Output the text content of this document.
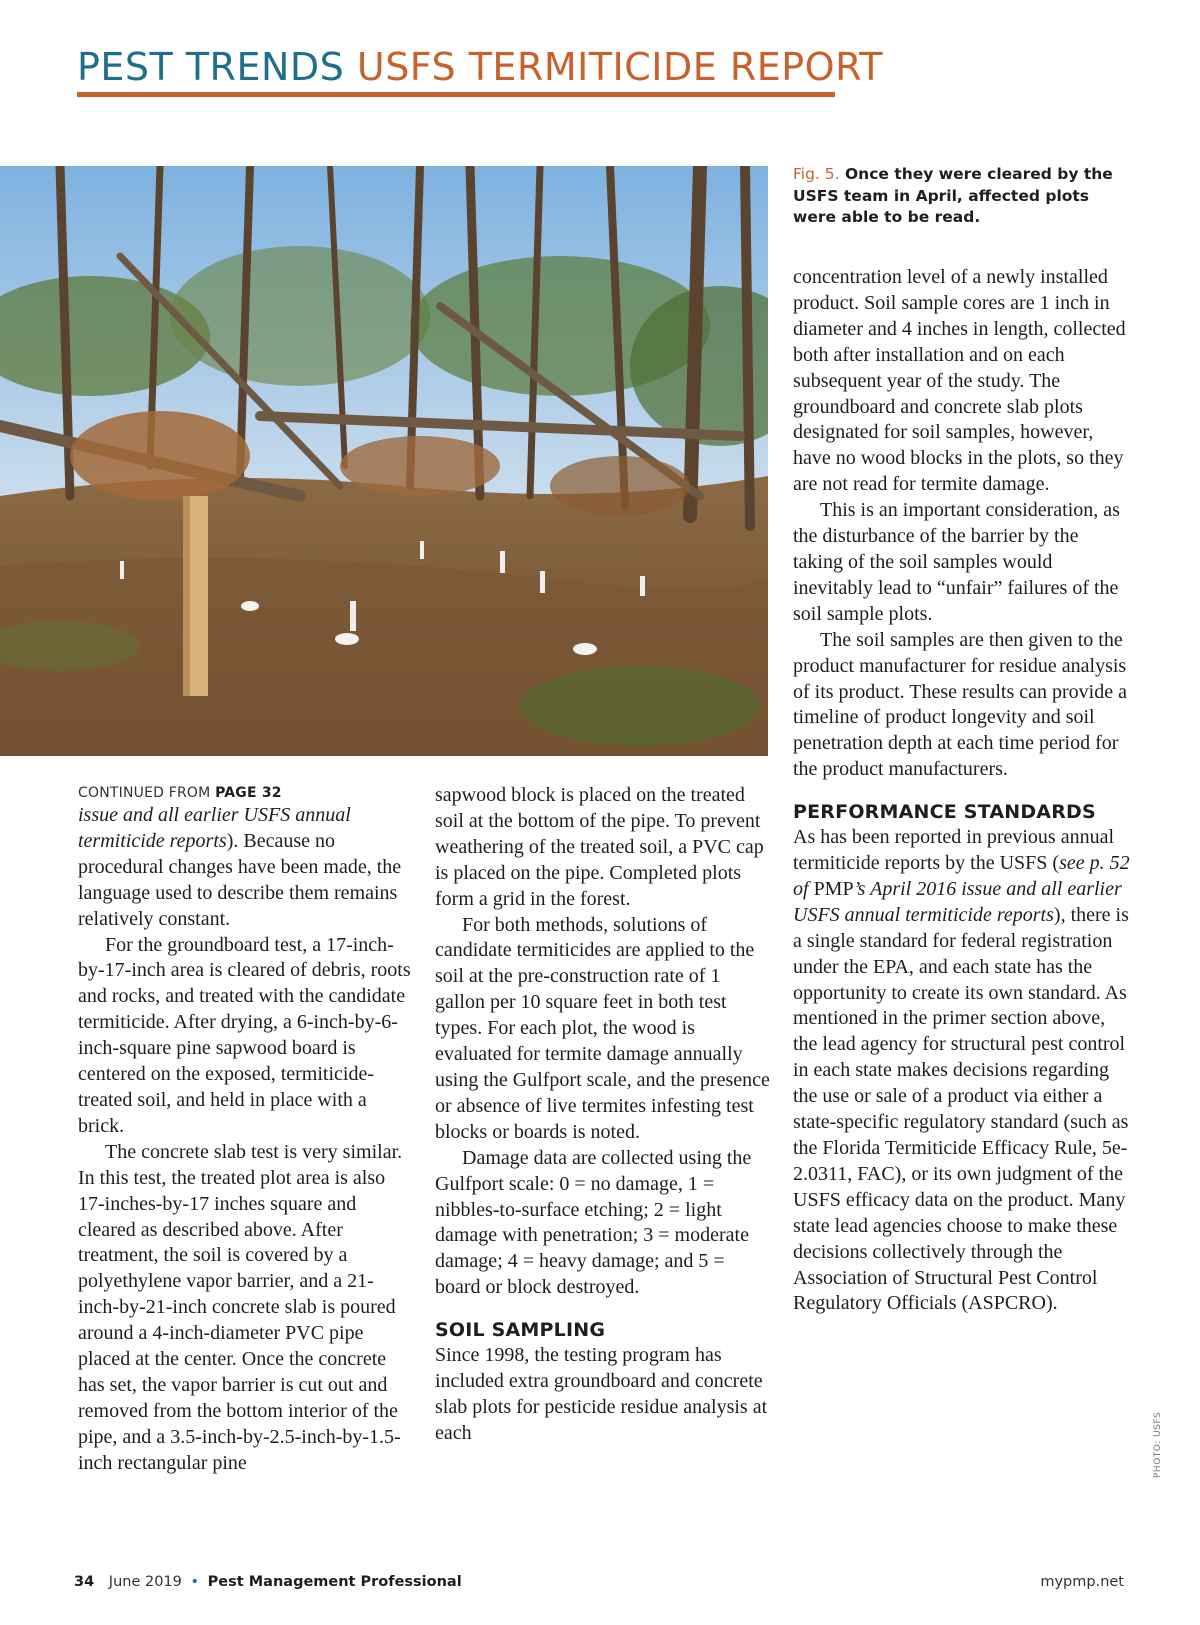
PEST TRENDS USFS TERMITICIDE REPORT
Fig. 5. Once they were cleared by the USFS team in April, affected plots were able to be read.
CONTINUED FROM PAGE 32

issue and all earlier USFS annual termiticide reports). Because no procedural changes have been made, the language used to describe them remains relatively constant.

For the groundboard test, a 17-inch-by-17-inch area is cleared of debris, roots and rocks, and treated with the candidate termiticide. After drying, a 6-inch-by-6-inch-square pine sapwood board is centered on the exposed, termiticide-treated soil, and held in place with a brick.

The concrete slab test is very similar. In this test, the treated plot area is also 17-inches-by-17 inches square and cleared as described above. After treatment, the soil is covered by a polyethylene vapor barrier, and a 21-inch-by-21-inch concrete slab is poured around a 4-inch-diameter PVC pipe placed at the center. Once the concrete has set, the vapor barrier is cut out and removed from the bottom interior of the pipe, and a 3.5-inch-by-2.5-inch-by-1.5-inch rectangular pine

sapwood block is placed on the treated soil at the bottom of the pipe. To prevent weathering of the treated soil, a PVC cap is placed on the pipe. Completed plots form a grid in the forest.

For both methods, solutions of candidate termiticides are applied to the soil at the pre-construction rate of 1 gallon per 10 square feet in both test types. For each plot, the wood is evaluated for termite damage annually using the Gulfport scale, and the presence or absence of live termites infesting test blocks or boards is noted.

Damage data are collected using the Gulfport scale: 0 = no damage, 1 = nibbles-to-surface etching; 2 = light damage with penetration; 3 = moderate damage; 4 = heavy damage; and 5 = board or block destroyed.

SOIL SAMPLING

Since 1998, the testing program has included extra groundboard and concrete slab plots for pesticide residue analysis at each

concentration level of a newly installed product. Soil sample cores are 1 inch in diameter and 4 inches in length, collected both after installation and on each subsequent year of the study. The groundboard and concrete slab plots designated for soil samples, however, have no wood blocks in the plots, so they are not read for termite damage.

This is an important consideration, as the disturbance of the barrier by the taking of the soil samples would inevitably lead to “unfair” failures of the soil sample plots.

The soil samples are then given to the product manufacturer for residue analysis of its product. These results can provide a timeline of product longevity and soil penetration depth at each time period for the product manufacturers.

PERFORMANCE STANDARDS

As has been reported in previous annual termiticide reports by the USFS (see p. 52 of PMP’s April 2016 issue and all earlier USFS annual termiticide reports), there is a single standard for federal registration under the EPA, and each state has the opportunity to create its own standard. As mentioned in the primer section above, the lead agency for structural pest control in each state makes decisions regarding the use or sale of a product via either a state-specific regulatory standard (such as the Florida Termiticide Efficacy Rule, 5e-2.0311, FAC), or its own judgment of the USFS efficacy data on the product. Many state lead agencies choose to make these decisions collectively through the Association of Structural Pest Control Regulatory Officials (ASPCRO).

PHOTO: USFS
34 June 2019 • Pest Management Professional	mypmp.net
